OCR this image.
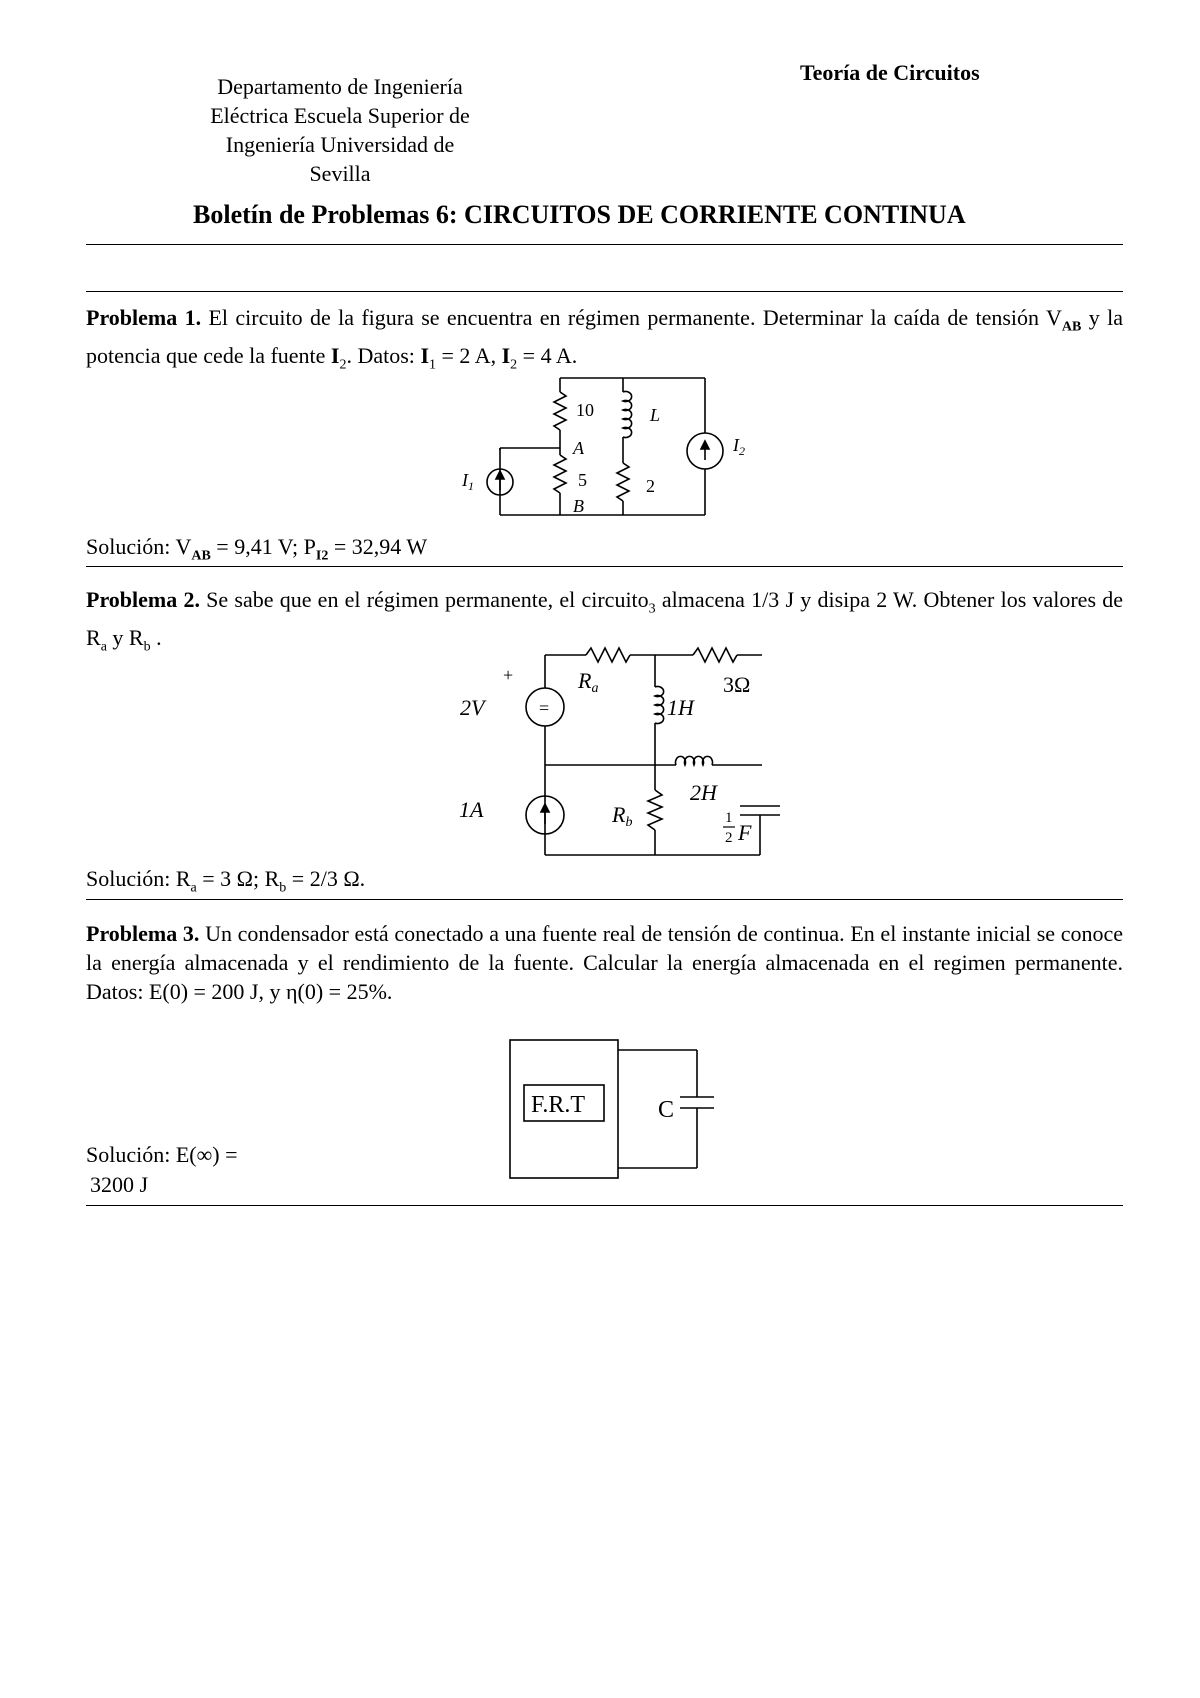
Departamento de Ingeniería
Eléctrica Escuela Superior de
Ingeniería Universidad de
Sevilla
Teoría de Circuitos
Boletín de Problemas 6: CIRCUITOS DE CORRIENTE CONTINUA
Problema 1. El circuito de la figura se encuentra en régimen permanente. Determinar la caída de tensión $V_{AB}$ y la potencia que cede la fuente $I_2$. Datos: $I_1 = 2$ A, $I_2 = 4$ A.
10
A
5
B
L
2
$I_1$
$I_2$
Solución: $V_{AB} = 9,41$ V; $P_{I2} = 32,94$ W
Problema 2. Se sabe que en el régimen permanente, el circuito$_3$ almacena 1/3 J y disipa 2 W. Obtener los valores de $R_a$ y $R_b$ .
+
=
2V
Ra	3Ω
1H
2H
1A	Rb	1
2 F
Solución: $R_a = 3$ Ω; $R_b = 2/3$ Ω.
Problema 3. Un condensador está conectado a una fuente real de tensión de continua. En el instante inicial se conoce la energía almacenada y el rendimiento de la fuente. Calcular la energía almacenada en el regimen permanente. Datos: E(0) = 200 J, y η(0) = 25%.
F.R.T	C
Solución: E(∞) =
3200 J
